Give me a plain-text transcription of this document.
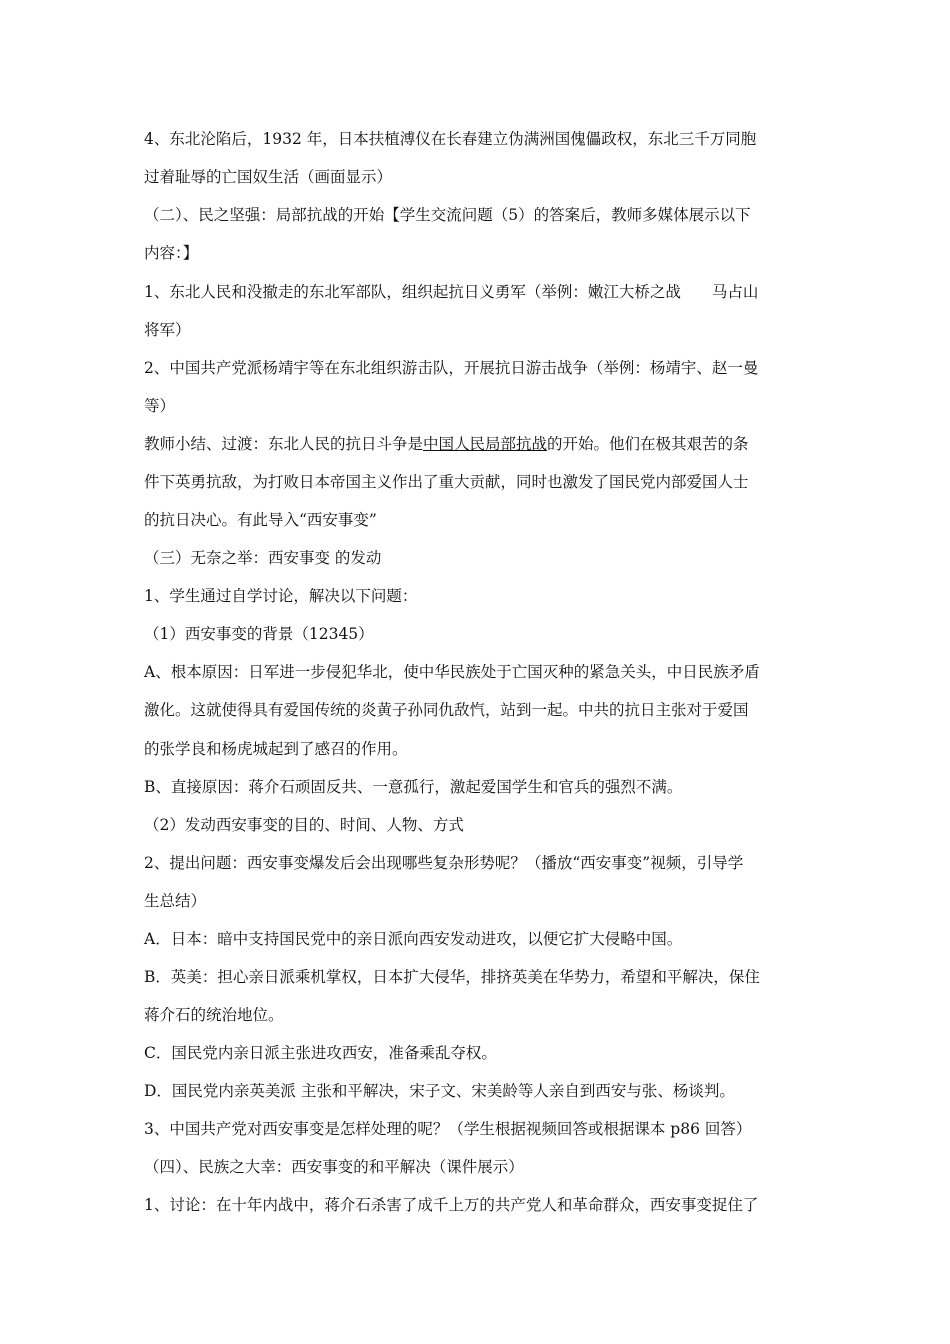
4、东北沦陷后，1932 年，日本扶植溥仪在长春建立伪满洲国傀儡政权，东北三千万同胞
过着耻辱的亡国奴生活（画面显示）
（二）、民之坚强：局部抗战的开始【学生交流问题（5）的答案后，教师多媒体展示以下
内容：】
1、东北人民和没撤走的东北军部队，组织起抗日义勇军（举例：嫩江大桥之战　　马占山
将军）
2、中国共产党派杨靖宇等在东北组织游击队，开展抗日游击战争（举例：杨靖宇、赵一曼
等）
教师小结、过渡：东北人民的抗日斗争是中国人民局部抗战的开始。他们在极其艰苦的条
件下英勇抗敌，为打败日本帝国主义作出了重大贡献，同时也激发了国民党内部爱国人士
的抗日决心。有此导入“西安事变”
（三）无奈之举：西安事变 的发动
1、学生通过自学讨论，解决以下问题：
（1）西安事变的背景（12345）
A、根本原因：日军进一步侵犯华北，使中华民族处于亡国灭种的紧急关头，中日民族矛盾
激化。这就使得具有爱国传统的炎黄子孙同仇敌忾，站到一起。中共的抗日主张对于爱国
的张学良和杨虎城起到了感召的作用。
B、直接原因：蒋介石顽固反共、一意孤行，激起爱国学生和官兵的强烈不满。
（2）发动西安事变的目的、时间、人物、方式
2、提出问题：西安事变爆发后会出现哪些复杂形势呢？（播放“西安事变”视频，引导学
生总结）
A．日本：暗中支持国民党中的亲日派向西安发动进攻，以便它扩大侵略中国。
B．英美：担心亲日派乘机掌权，日本扩大侵华，排挤英美在华势力，希望和平解决，保住
蒋介石的统治地位。
C．国民党内亲日派主张进攻西安，准备乘乱夺权。
D．国民党内亲英美派 主张和平解决，宋子文、宋美龄等人亲自到西安与张、杨谈判。
3、中国共产党对西安事变是怎样处理的呢？（学生根据视频回答或根据课本 p86 回答）
（四）、民族之大幸：西安事变的和平解决（课件展示）
1、讨论：在十年内战中，蒋介石杀害了成千上万的共产党人和革命群众，西安事变捉住了
